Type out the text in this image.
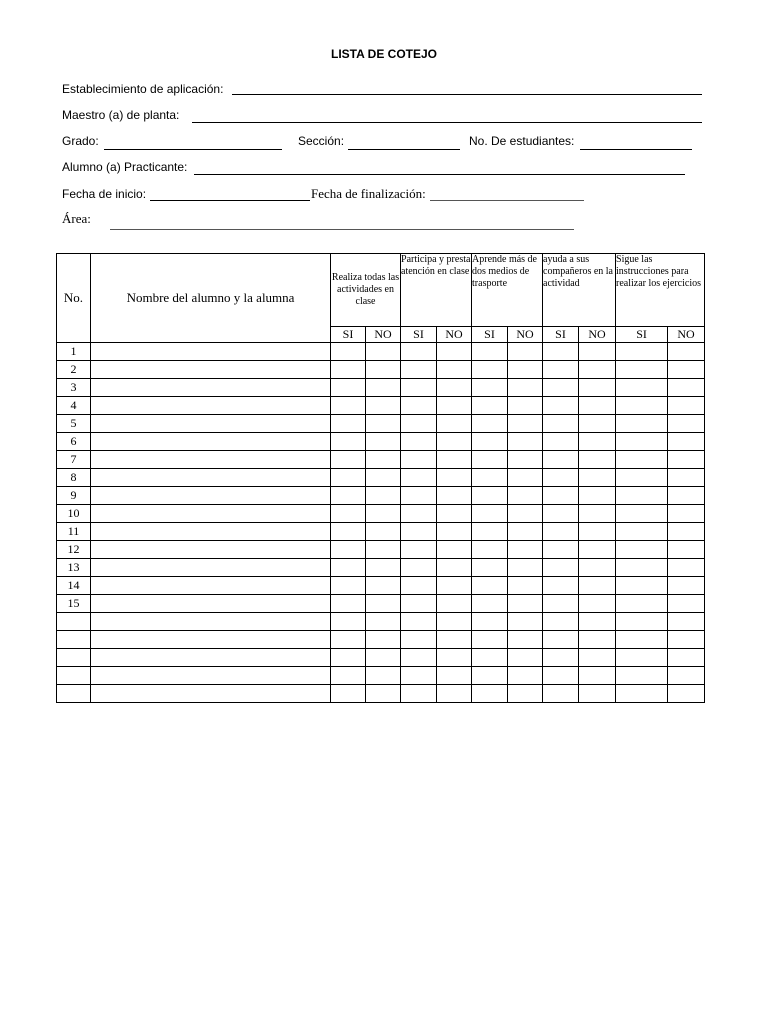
LISTA DE COTEJO
Establecimiento de aplicación:
Maestro (a) de planta:
Grado:	Sección:	No. De estudiantes:
Alumno (a) Practicante:
Fecha de inicio:	Fecha de finalización:
Área:
No.	Nombre del alumno y la alumna	Realiza todas las actividades en clase		Participa y presta atención en clase		Aprende más de dos medios de trasporte		ayuda a sus compañeros en la actividad		Sigue las instrucciones para realizar los ejercicios	
		SI	NO	SI	NO	SI	NO	SI	NO	SI	NO
1											
2											
3											
4											
5											
6											
7											
8											
9											
10											
11											
12											
13											
14											
15											
